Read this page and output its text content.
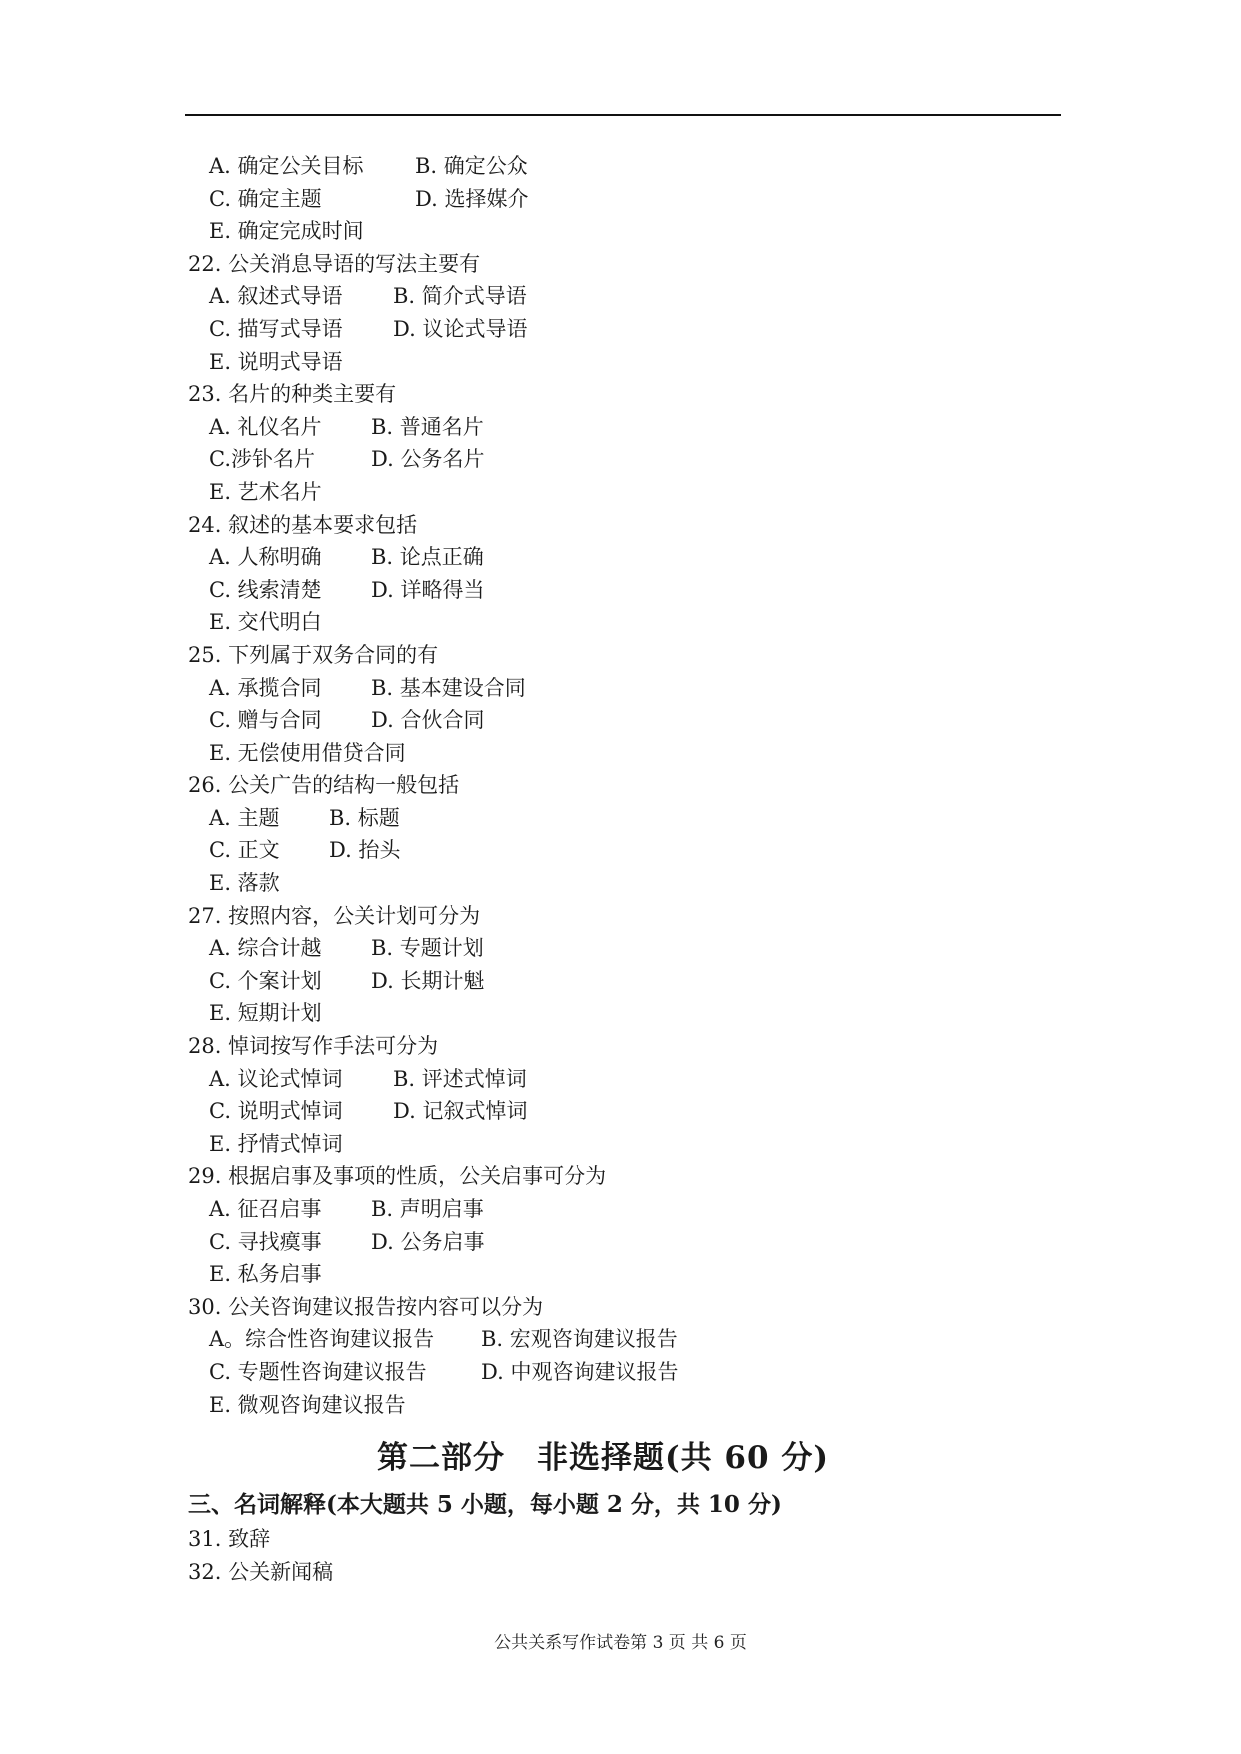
A. 确定公关目标 B. 确定公众
C. 确定主题	D. 选择媒介
E. 确定完成时间
22. 公关消息导语的写法主要有
A. 叙述式导语 B. 简介式导语
C. 描写式导语 D. 议论式导语
E. 说明式导语
23. 名片的种类主要有
A. 礼仪名片 B. 普通名片
C.涉钋名片	D. 公务名片
E. 艺术名片
24. 叙述的基本要求包括
A. 人称明确 B. 论点正确
C. 线索清楚 D. 详略得当
E. 交代明白
25. 下列属于双务合同的有
A. 承揽合同 B. 基本建设合同
C. 赠与合同 D. 合伙合同
E. 无偿使用借贷合同
26. 公关广告的结构一般包括
A. 主题 B. 标题
C. 正文 D. 抬头
E. 落款
27. 按照内容，公关计划可分为
A. 综合计越 B. 专题计划
C. 个案计划 D. 长期计魁
E. 短期计划
28. 悼词按写作手法可分为
A. 议论式悼词 B. 评述式悼词
C. 说明式悼词 D. 记叙式悼词
E. 抒情式悼词
29. 根据启事及事项的性质，公关启事可分为
A. 征召启事 B. 声明启事
C. 寻找瘼事 D. 公务启事
E. 私务启事
30. 公关咨询建议报告按内容可以分为
A。综合性咨询建议报告 B. 宏观咨询建议报告
C. 专题性咨询建议报告	D. 中观咨询建议报告
E. 微观咨询建议报告
第二部分　非选择题(共 60 分)
三、名词解释(本大题共 5 小题，每小题 2 分，共 10 分)
31. 致辞
32. 公关新闻稿
公共关系写作试卷第 3 页 共 6 页
